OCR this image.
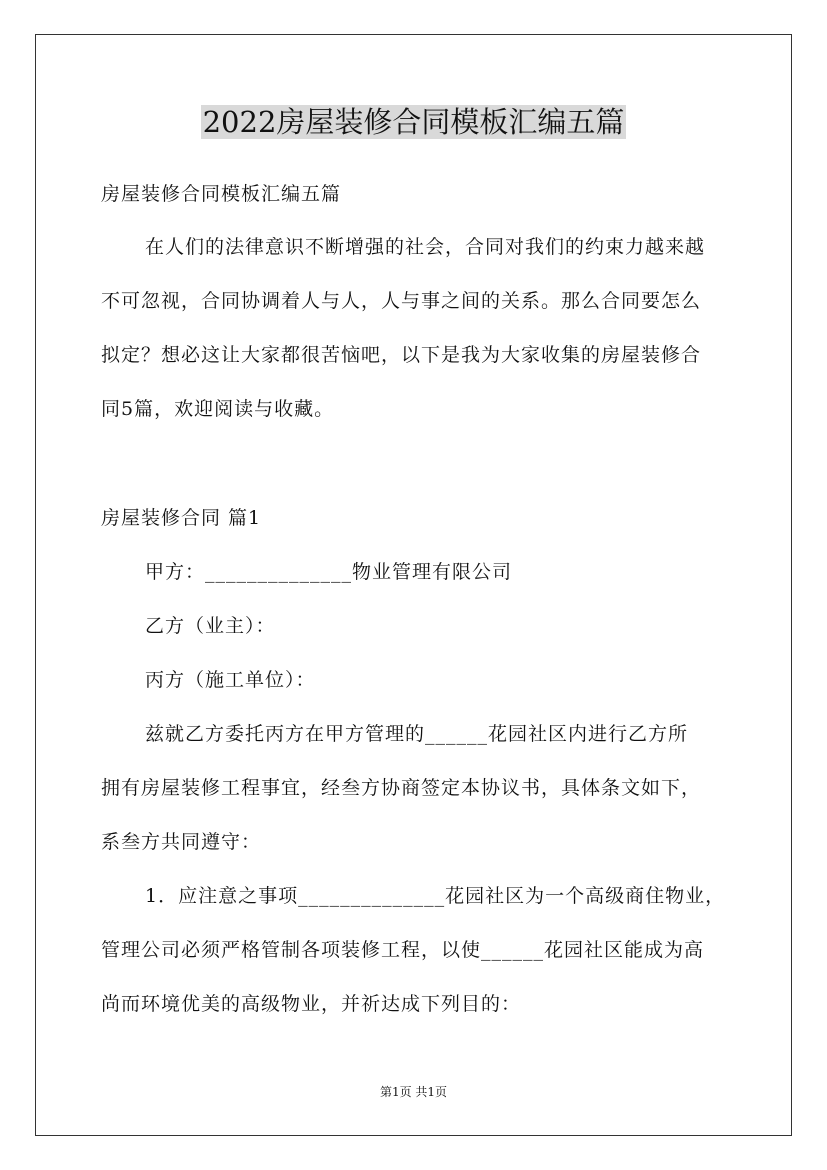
2022房屋装修合同模板汇编五篇
房屋装修合同模板汇编五篇
在人们的法律意识不断增强的社会，合同对我们的约束力越来越
不可忽视，合同协调着人与人，人与事之间的关系。那么合同要怎么
拟定？想必这让大家都很苦恼吧，以下是我为大家收集的房屋装修合
同5篇，欢迎阅读与收藏。
房屋装修合同 篇1
甲方：______________物业管理有限公司
乙方（业主）：
丙方（施工单位）：
兹就乙方委托丙方在甲方管理的______花园社区内进行乙方所
拥有房屋装修工程事宜，经叁方协商签定本协议书，具体条文如下，
系叁方共同遵守：
1．应注意之事项______________花园社区为一个高级商住物业，
管理公司必须严格管制各项装修工程，以使______花园社区能成为高
尚而环境优美的高级物业，并祈达成下列目的：
第1页 共1页
